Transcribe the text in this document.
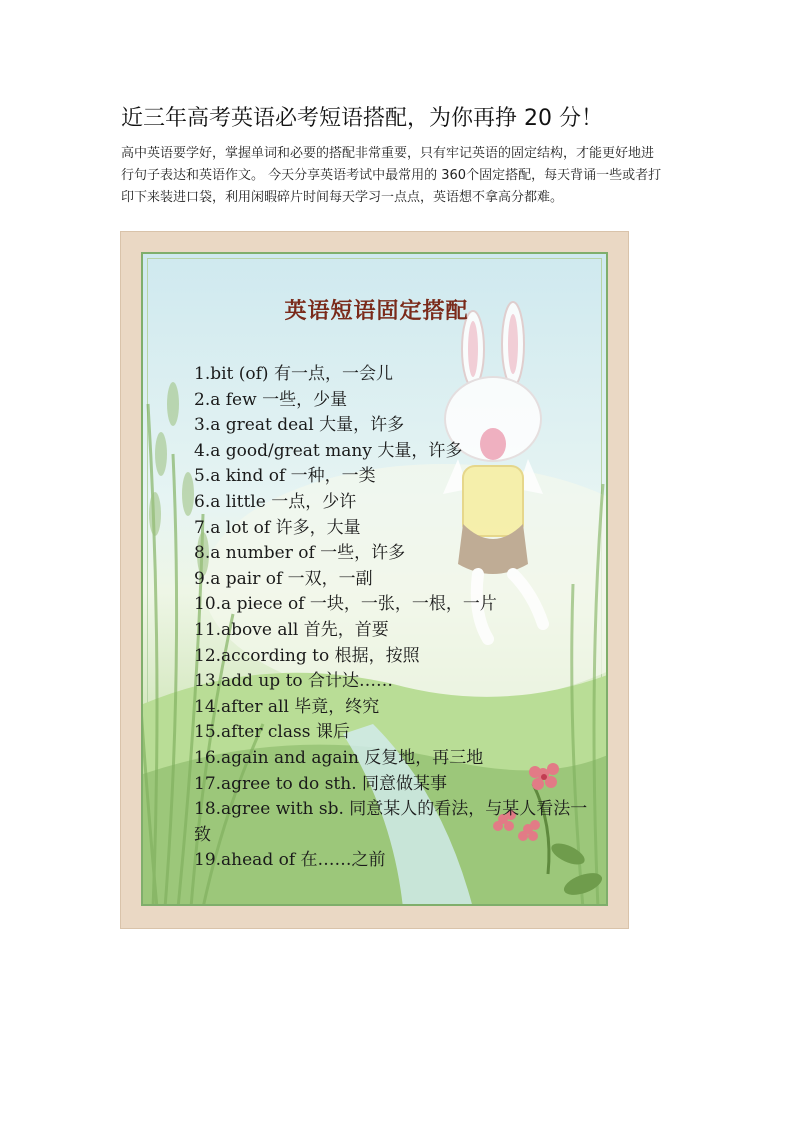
近三年高考英语必考短语搭配，为你再挣 20 分！
高中英语要学好，掌握单词和必要的搭配非常重要，只有牢记英语的固定结构，才能更好地进行句子表达和英语作文。 今天分享英语考试中最常用的 360个固定搭配，每天背诵一些或者打印下来装进口袋，利用闲暇碎片时间每天学习一点点，英语想不拿高分都难。
英语短语固定搭配
1.bit (of) 有一点，一会儿
2.a few 一些，少量
3.a great deal 大量，许多
4.a good/great many 大量，许多
5.a kind of 一种，一类
6.a little 一点，少许
7.a lot of 许多，大量
8.a number of 一些，许多
9.a pair of 一双，一副
10.a piece of 一块，一张，一根，一片
11.above all 首先，首要
12.according to 根据，按照
13.add up to 合计达……
14.after all 毕竟，终究
15.after class 课后
16.again and again 反复地，再三地
17.agree to do sth. 同意做某事
18.agree with sb. 同意某人的看法，与某人看法一致
19.ahead of 在……之前
